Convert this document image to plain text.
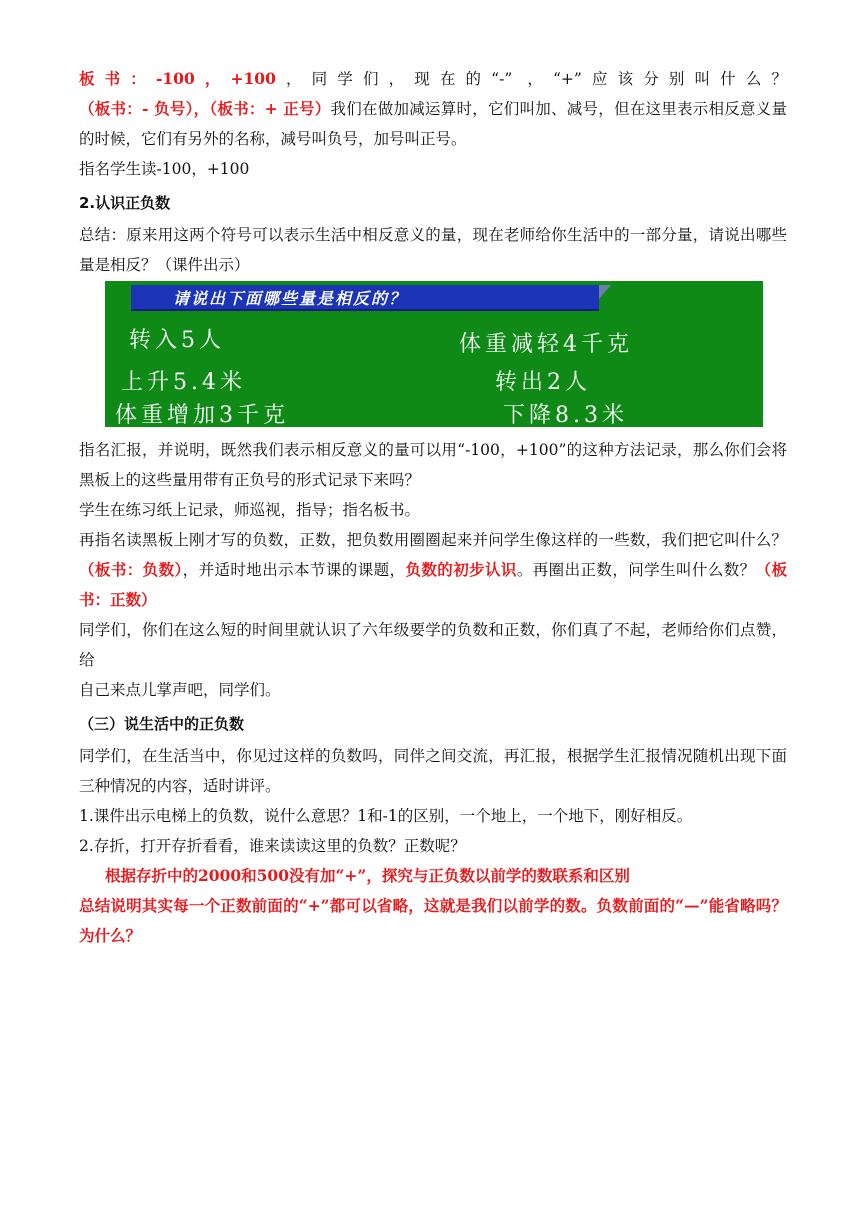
板书：-100，+100，同学们，现在的“-” ，“+”应该分别叫什么？（板书：- 负号），（板书：+ 正号）我们在做加减运算时，它们叫加、减号，但在这里表示相反意义量的时候，它们有另外的名称，减号叫负号，加号叫正号。

指名学生读-100，+100

2.认识正负数

总结：原来用这两个符号可以表示生活中相反意义的量，现在老师给你生活中的一部分量，请说出哪些量是相反？（课件出示）

请说出下面哪些量是相反的？
转入5人	体重减轻4千克
上升5.4米	转出2人
体重增加3千克	下降8.3米

指名汇报，并说明，既然我们表示相反意义的量可以用“-100，+100”的这种方法记录，那么你们会将黑板上的这些量用带有正负号的形式记录下来吗？

学生在练习纸上记录，师巡视，指导；指名板书。

再指名读黑板上刚才写的负数，正数，把负数用圈圈起来并问学生像这样的一些数，我们把它叫什么？（板书：负数），并适时地出示本节课的课题，负数的初步认识。再圈出正数，问学生叫什么数？（板书：正数）

同学们，你们在这么短的时间里就认识了六年级要学的负数和正数，你们真了不起，老师给你们点赞，给

自己来点儿掌声吧，同学们。

（三）说生活中的正负数

同学们，在生活当中，你见过这样的负数吗，同伴之间交流，再汇报，根据学生汇报情况随机出现下面三种情况的内容，适时讲评。

1.课件出示电梯上的负数，说什么意思？1和-1的区别，一个地上，一个地下，刚好相反。

2.存折，打开存折看看，谁来读读这里的负数？正数呢？

根据存折中的2000和500没有加“+”，探究与正负数以前学的数联系和区别

总结说明其实每一个正数前面的“+”都可以省略，这就是我们以前学的数。负数前面的“—”能省略吗？为什么？
